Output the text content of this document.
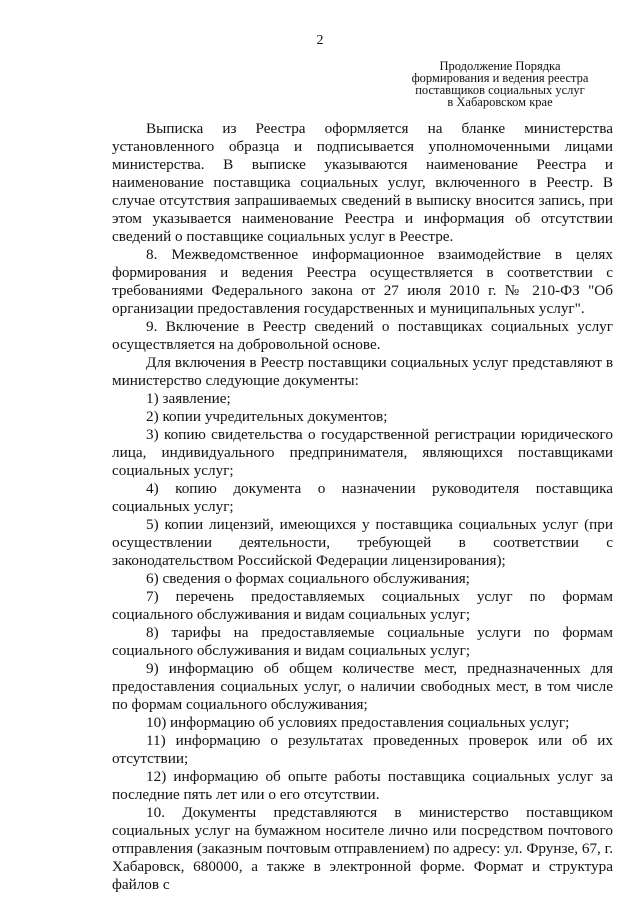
2
Продолжение Порядка
формирования и ведения реестра
поставщиков социальных услуг
в Хабаровском крае

Выписка из Реестра оформляется на бланке министерства установленного образца и подписывается уполномоченными лицами министерства. В выписке указываются наименование Реестра и наименование поставщика социальных услуг, включенного в Реестр. В случае отсутствия запрашиваемых сведений в выписку вносится запись, при этом указывается наименование Реестра и информация об отсутствии сведений о поставщике социальных услуг в Реестре.

8. Межведомственное информационное взаимодействие в целях формирования и ведения Реестра осуществляется в соответствии с требованиями Федерального закона от 27 июля 2010 г. № 210-ФЗ "Об организации предоставления государственных и муниципальных услуг".

9. Включение в Реестр сведений о поставщиках социальных услуг осуществляется на добровольной основе.

Для включения в Реестр поставщики социальных услуг представляют в министерство следующие документы:

1) заявление;

2) копии учредительных документов;

3) копию свидетельства о государственной регистрации юридического лица, индивидуального предпринимателя, являющихся поставщиками социальных услуг;

4) копию документа о назначении руководителя поставщика социальных услуг;

5) копии лицензий, имеющихся у поставщика социальных услуг (при осуществлении деятельности, требующей в соответствии с законодательством Российской Федерации лицензирования);

6) сведения о формах социального обслуживания;

7) перечень предоставляемых социальных услуг по формам социального обслуживания и видам социальных услуг;

8) тарифы на предоставляемые социальные услуги по формам социального обслуживания и видам социальных услуг;

9) информацию об общем количестве мест, предназначенных для предоставления социальных услуг, о наличии свободных мест, в том числе по формам социального обслуживания;

10) информацию об условиях предоставления социальных услуг;

11) информацию о результатах проведенных проверок или об их отсутствии;

12) информацию об опыте работы поставщика социальных услуг за последние пять лет или о его отсутствии.

10. Документы представляются в министерство поставщиком социальных услуг на бумажном носителе лично или посредством почтового отправления (заказным почтовым отправлением) по адресу: ул. Фрунзе, 67, г. Хабаровск, 680000, а также в электронной форме. Формат и структура файлов с
